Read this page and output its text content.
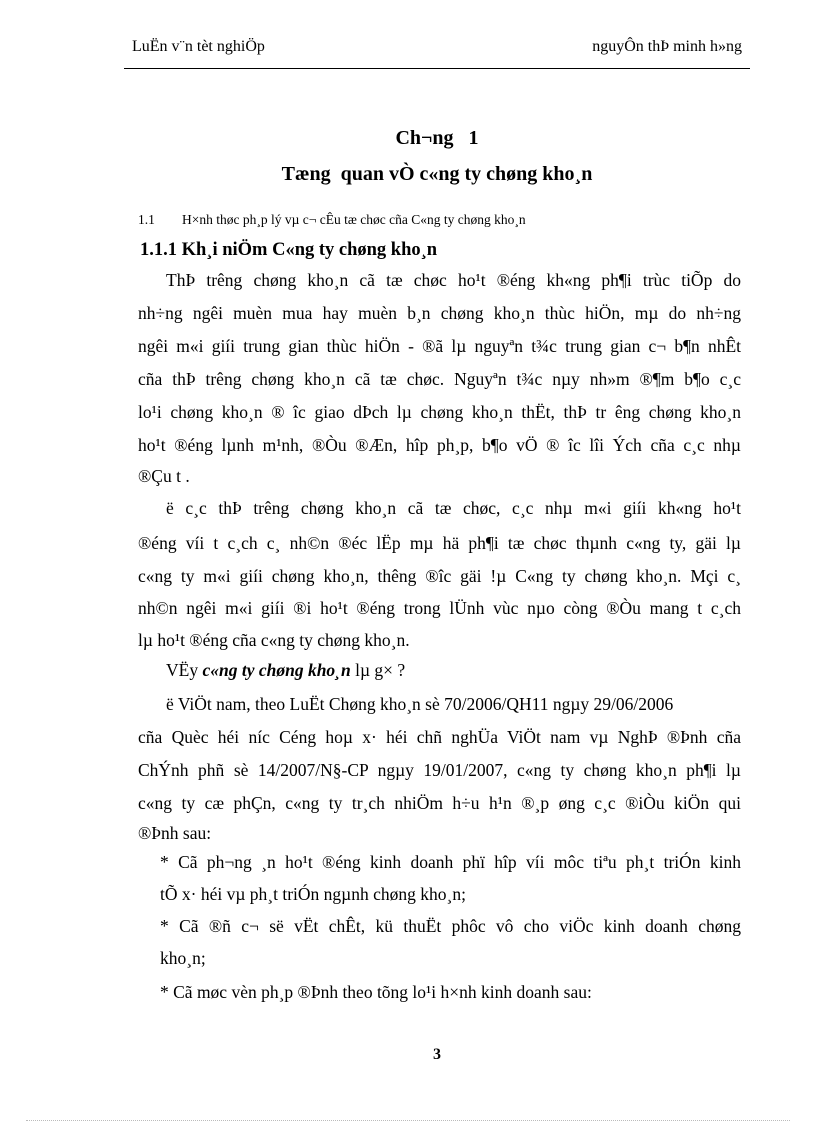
LuËn v¨n tèt nghiÖp	nguyÔn thÞ minh h»ng
Ch¬ng   1
Tæng  quan vÒ c«ng ty chøng kho¸n
1.1 H×nh thøc ph¸p lý vµ c¬ cÊu tæ chøc cña C«ng ty chøng kho¸n
1.1.1 Kh¸i niÖm C«ng ty chøng kho¸n
ThÞ trêng chøng kho¸n cã tæ chøc ho¹t ®éng kh«ng ph¶i trùc tiÕp do
nh÷ng ngêi muèn mua hay muèn b¸n chøng kho¸n thùc hiÖn, mµ do nh÷ng
ngêi m«i giíi trung gian thùc hiÖn - ®ã lµ nguyªn t¾c trung gian c¬ b¶n nhÊt
cña thÞ trêng chøng kho¸n cã tæ chøc. Nguyªn t¾c nµy nh»m ®¶m b¶o c¸c
lo¹i chøng kho¸n ® îc giao dÞch lµ chøng kho¸n thËt, thÞ tr êng chøng kho¸n
ho¹t ®éng lµnh m¹nh, ®Òu ®Æn, hîp ph¸p, b¶o vÖ ® îc lîi Ých cña c¸c nhµ
®Çu t .
ë c¸c thÞ trêng chøng kho¸n cã tæ chøc, c¸c nhµ m«i giíi kh«ng ho¹t
®éng víi t c¸ch c¸ nh©n ®éc lËp mµ hä ph¶i tæ chøc thµnh c«ng ty, gäi lµ
c«ng ty m«i giíi chøng kho¸n, thêng ®îc gäi !µ C«ng ty chøng kho¸n. Mçi c¸
nh©n ngêi m«i giíi ®i ho¹t ®éng trong lÜnh vùc nµo còng ®Òu mang t c¸ch
lµ ho¹t ®éng cña c«ng ty chøng kho¸n.
VËy c«ng ty chøng kho¸n lµ g× ?
ë ViÖt nam, theo LuËt Chøng kho¸n sè 70/2006/QH11 ngµy 29/06/2006
cña Quèc héi níc Céng hoµ x· héi chñ nghÜa ViÖt nam vµ NghÞ ®Þnh cña
ChÝnh phñ sè 14/2007/N§-CP ngµy 19/01/2007, c«ng ty chøng kho¸n ph¶i lµ
c«ng ty cæ phÇn, c«ng ty tr¸ch nhiÖm h÷u h¹n ®¸p øng c¸c ®iÒu kiÖn qui
®Þnh sau:
* Cã ph¬ng ¸n ho¹t ®éng kinh doanh phï hîp víi môc tiªu ph¸t triÓn kinh
tÕ x· héi vµ ph¸t triÓn ngµnh chøng kho¸n;
* Cã ®ñ c¬ së vËt chÊt, kü thuËt phôc vô cho viÖc kinh doanh chøng
kho¸n;
* Cã møc vèn ph¸p ®Þnh theo tõng lo¹i h×nh kinh doanh sau:
3
